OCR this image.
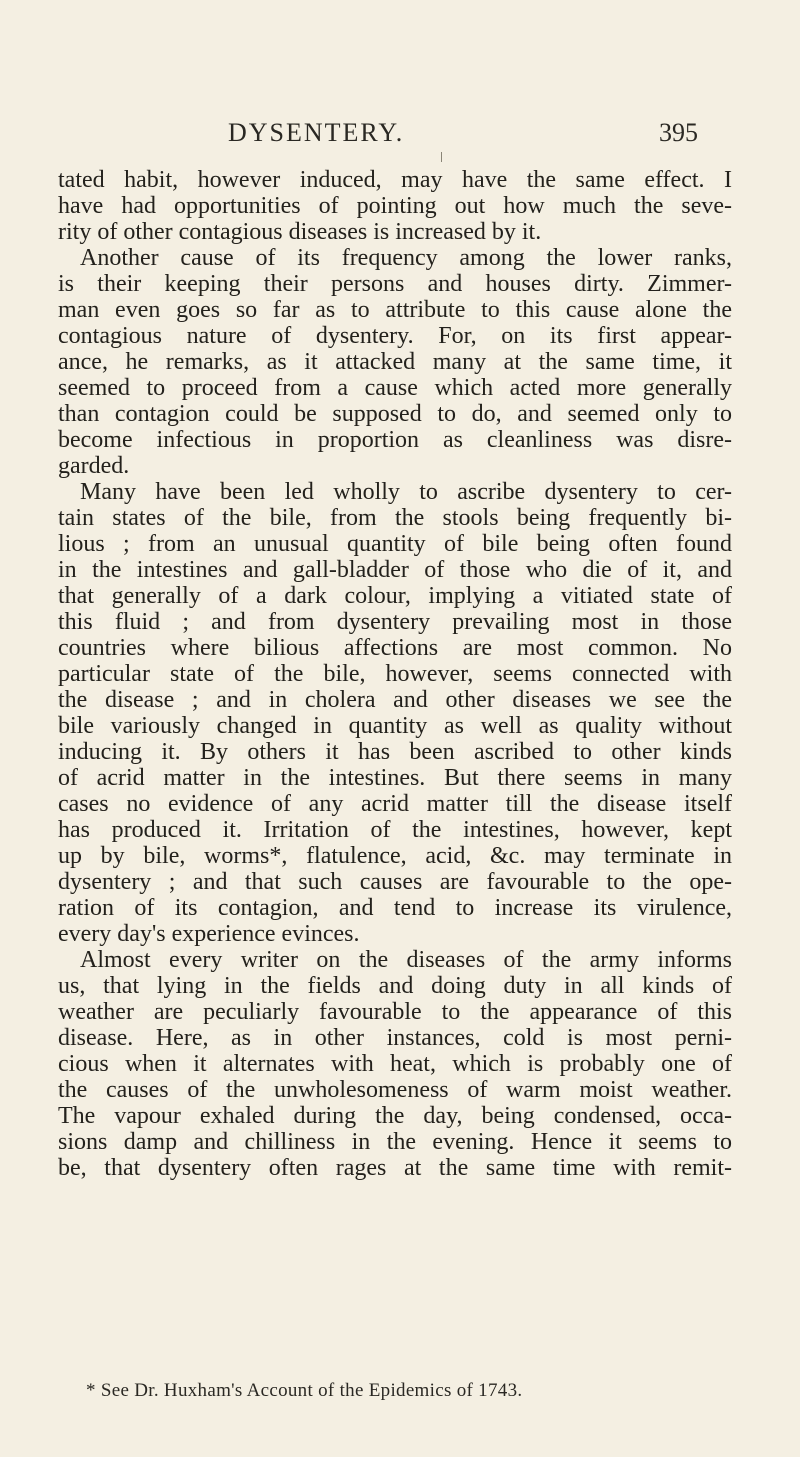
DYSENTERY.	395
tated habit, however induced, may have the same effect. I
have had opportunities of pointing out how much the seve-
rity of other contagious diseases is increased by it.
Another cause of its frequency among the lower ranks,
is their keeping their persons and houses dirty. Zimmer-
man even goes so far as to attribute to this cause alone the
contagious nature of dysentery. For, on its first appear-
ance, he remarks, as it attacked many at the same time, it
seemed to proceed from a cause which acted more generally
than contagion could be supposed to do, and seemed only to
become infectious in proportion as cleanliness was disre-
garded.
Many have been led wholly to ascribe dysentery to cer-
tain states of the bile, from the stools being frequently bi-
lious ; from an unusual quantity of bile being often found
in the intestines and gall-bladder of those who die of it, and
that generally of a dark colour, implying a vitiated state of
this fluid ; and from dysentery prevailing most in those
countries where bilious affections are most common. No
particular state of the bile, however, seems connected with
the disease ; and in cholera and other diseases we see the
bile variously changed in quantity as well as quality without
inducing it. By others it has been ascribed to other kinds
of acrid matter in the intestines. But there seems in many
cases no evidence of any acrid matter till the disease itself
has produced it. Irritation of the intestines, however, kept
up by bile, worms*, flatulence, acid, &c. may terminate in
dysentery ; and that such causes are favourable to the ope-
ration of its contagion, and tend to increase its virulence,
every day's experience evinces.
Almost every writer on the diseases of the army informs
us, that lying in the fields and doing duty in all kinds of
weather are peculiarly favourable to the appearance of this
disease. Here, as in other instances, cold is most perni-
cious when it alternates with heat, which is probably one of
the causes of the unwholesomeness of warm moist weather.
The vapour exhaled during the day, being condensed, occa-
sions damp and chilliness in the evening. Hence it seems to
be, that dysentery often rages at the same time with remit-
* See Dr. Huxham's Account of the Epidemics of 1743.
